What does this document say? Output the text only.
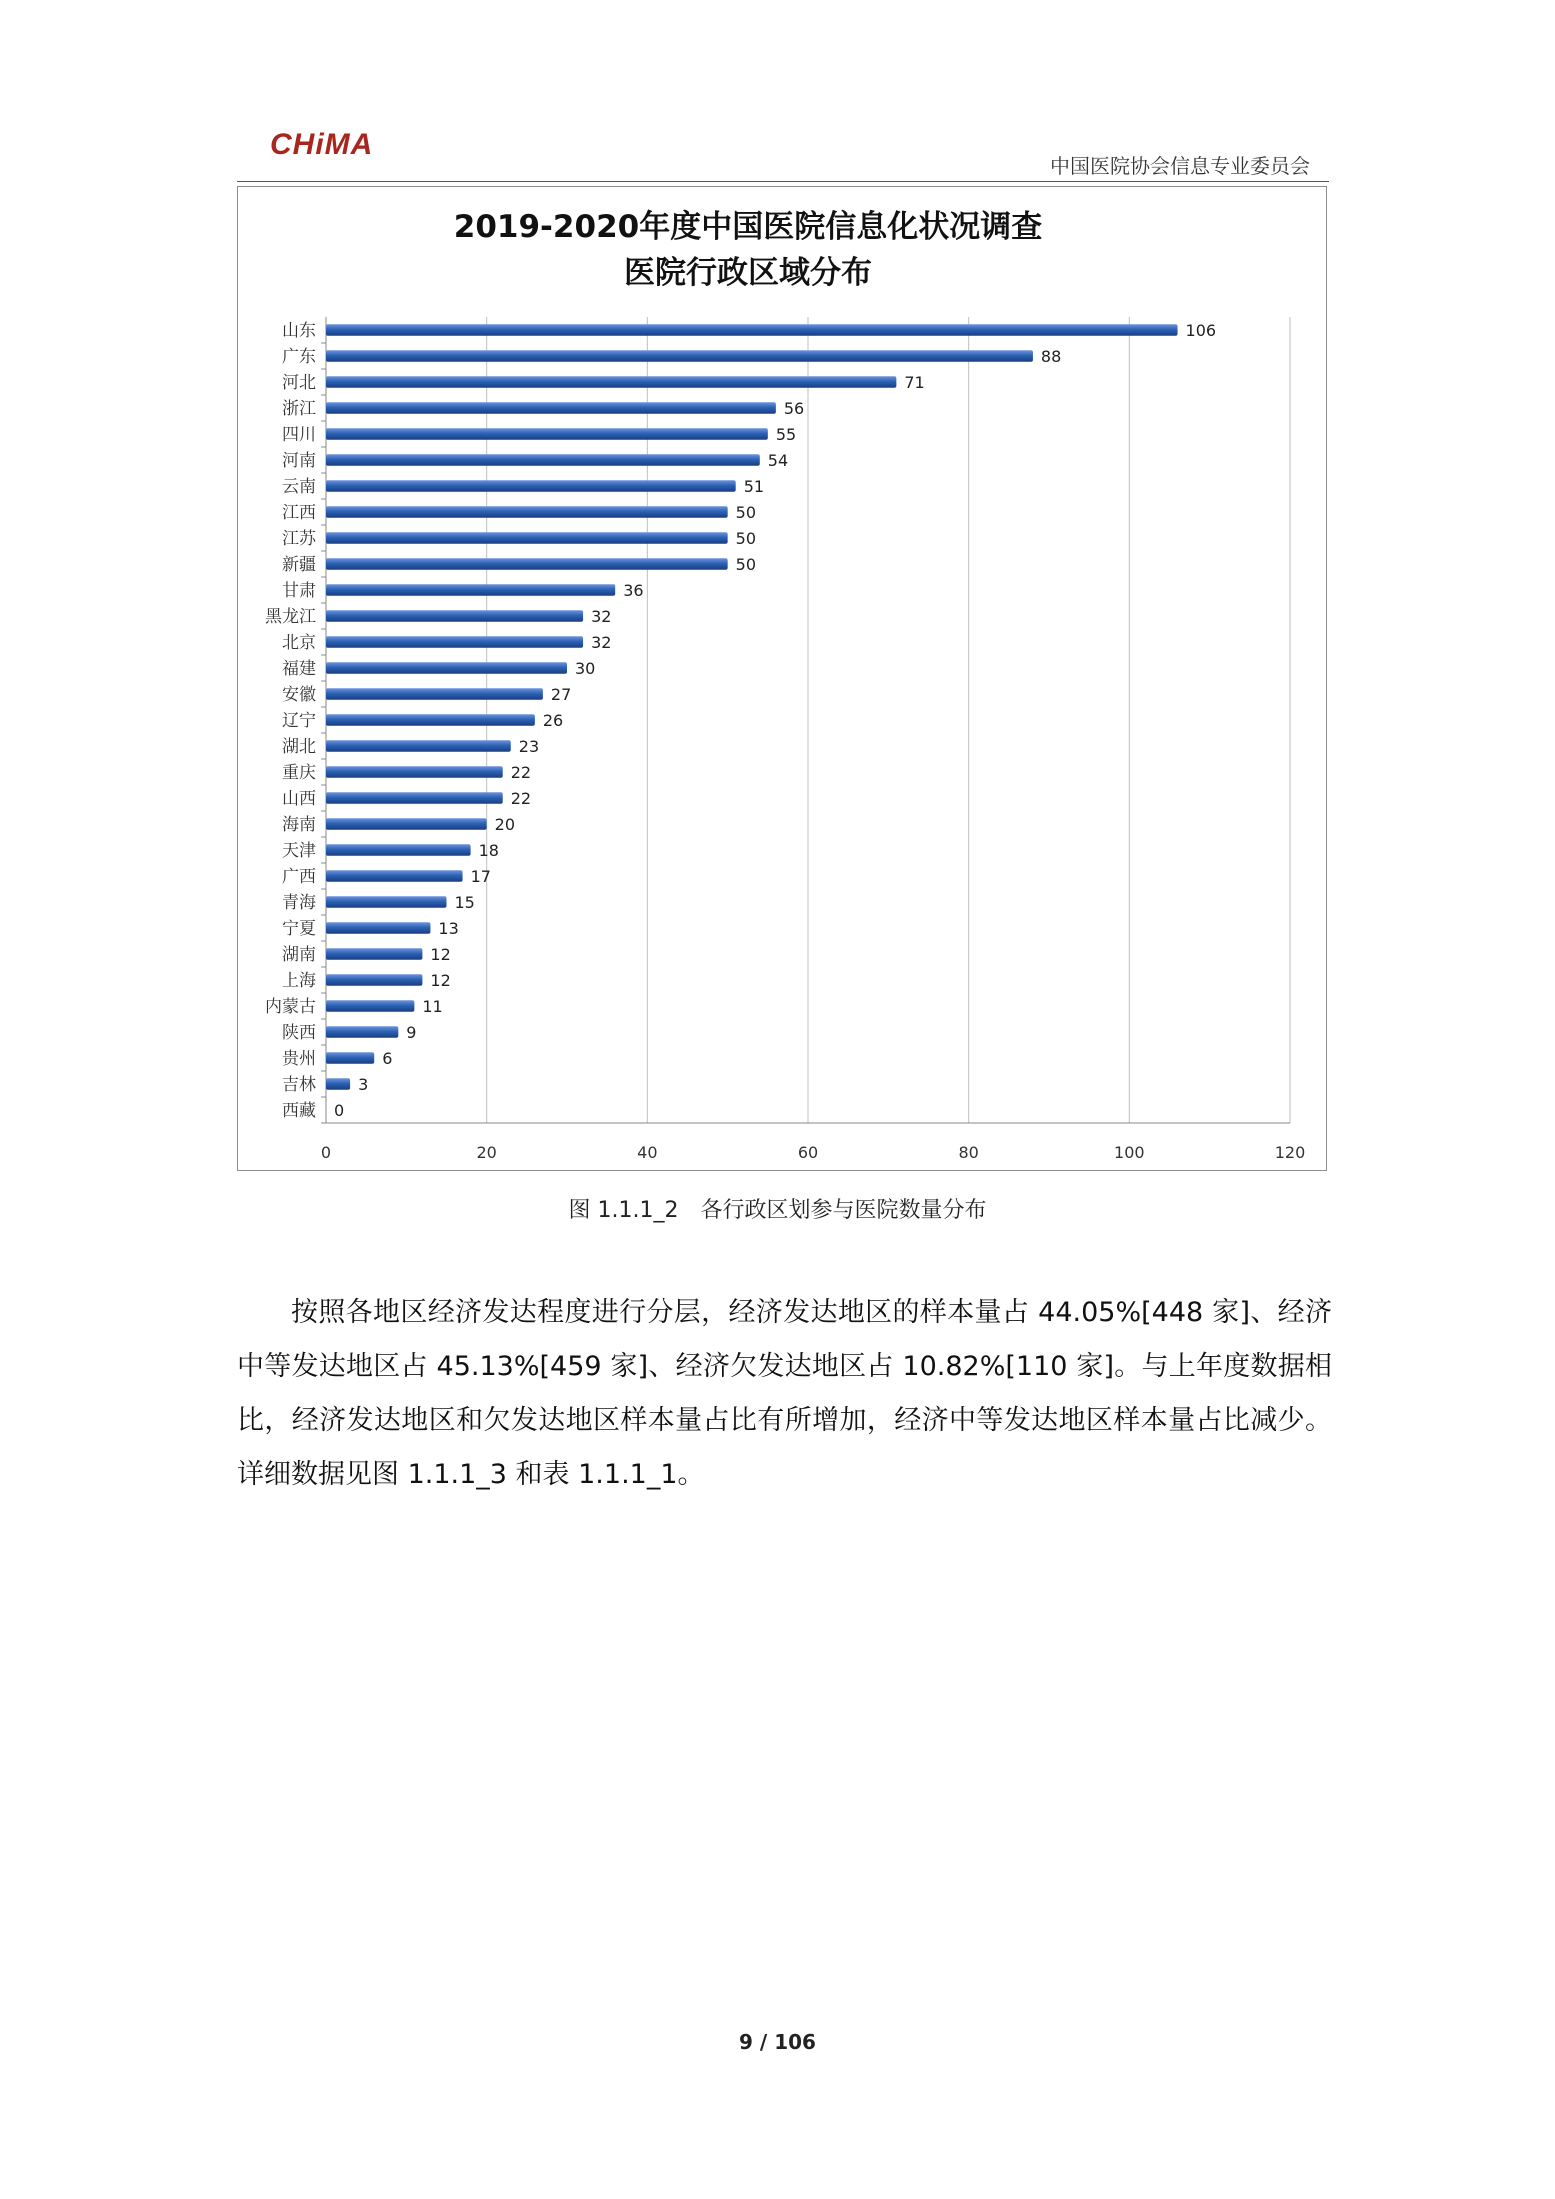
CHiMA
中国医院协会信息专业委员会
2019-2020年度中国医院信息化状况调查
医院行政区域分布
山东	106
广东	88
河北	71
浙江	56
四川	55
河南	54
云南	51
江西	50
江苏	50
新疆	50
甘肃	36
黑龙江	32
北京	32
福建	30
安徽	27
辽宁	26
湖北	23
重庆	22
山西	22
海南	20
天津	18
广西	17
青海	15
宁夏	13
湖南	12
上海	12
内蒙古	11
陕西	9
贵州	6
吉林	3
西藏 0
0	20	40	60	80	100	120
图 1.1.1_2　各行政区划参与医院数量分布
按照各地区经济发达程度进行分层，经济发达地区的样本量占 44.05%[448 家]、经济中等发达地区占 45.13%[459 家]、经济欠发达地区占 10.82%[110 家]。与上年度数据相比，经济发达地区和欠发达地区样本量占比有所增加，经济中等发达地区样本量占比减少。详细数据见图 1.1.1_3 和表 1.1.1_1。
9 / 106
